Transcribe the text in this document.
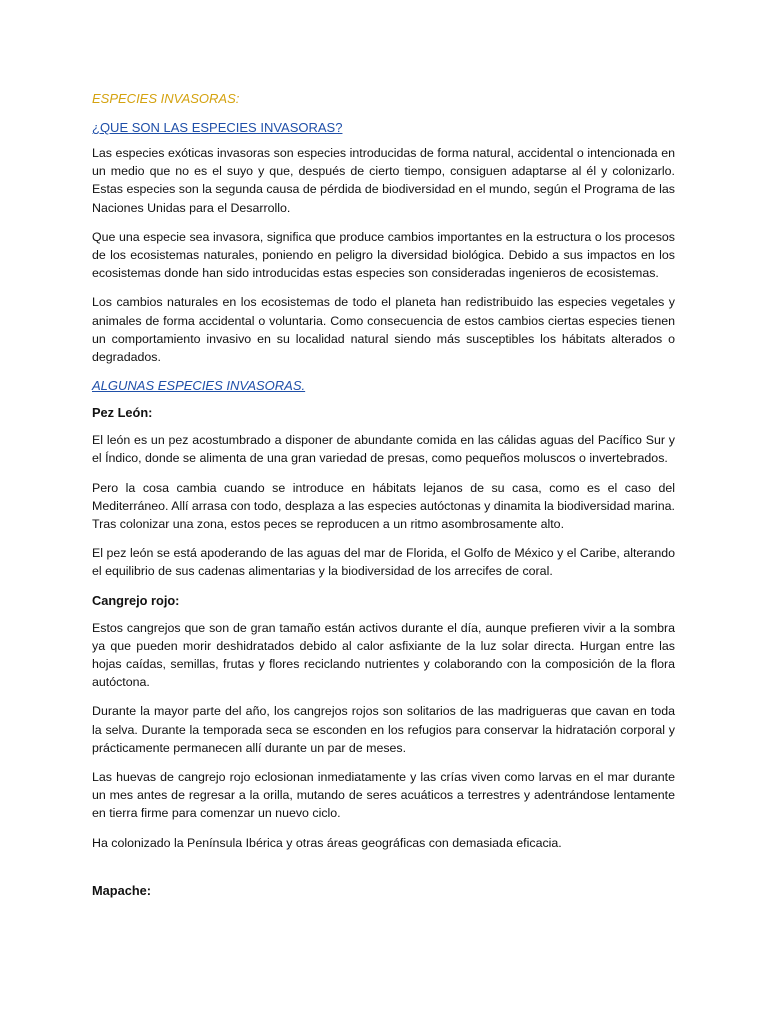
ESPECIES INVASORAS:

¿QUE SON LAS ESPECIES INVASORAS?

Las especies exóticas invasoras son especies introducidas de forma natural, accidental o intencionada en un medio que no es el suyo y que, después de cierto tiempo, consiguen adaptarse al él y colonizarlo. Estas especies son la segunda causa de pérdida de biodiversidad en el mundo, según el Programa de las Naciones Unidas para el Desarrollo.

Que una especie sea invasora, significa que produce cambios importantes en la estructura o los procesos de los ecosistemas naturales, poniendo en peligro la diversidad biológica. Debido a sus impactos en los ecosistemas donde han sido introducidas estas especies son consideradas ingenieros de ecosistemas.

Los cambios naturales en los ecosistemas de todo el planeta han redistribuido las especies vegetales y animales de forma accidental o voluntaria. Como consecuencia de estos cambios ciertas especies tienen un comportamiento invasivo en su localidad natural siendo más susceptibles los hábitats alterados o degradados.

ALGUNAS ESPECIES INVASORAS.

Pez León:

El león es un pez acostumbrado a disponer de abundante comida en las cálidas aguas del Pacífico Sur y el Índico, donde se alimenta de una gran variedad de presas, como pequeños moluscos o invertebrados.

Pero la cosa cambia cuando se introduce en hábitats lejanos de su casa, como es el caso del Mediterráneo. Allí arrasa con todo, desplaza a las especies autóctonas y dinamita la biodiversidad marina. Tras colonizar una zona, estos peces se reproducen a un ritmo asombrosamente alto.

El pez león se está apoderando de las aguas del mar de Florida, el Golfo de México y el Caribe, alterando el equilibrio de sus cadenas alimentarias y la biodiversidad de los arrecifes de coral.

Cangrejo rojo:

Estos cangrejos que son de gran tamaño están activos durante el día, aunque prefieren vivir a la sombra ya que pueden morir deshidratados debido al calor asfixiante de la luz solar directa. Hurgan entre las hojas caídas, semillas, frutas y flores reciclando nutrientes y colaborando con la composición de la flora autóctona.

Durante la mayor parte del año, los cangrejos rojos son solitarios de las madrigueras que cavan en toda la selva. Durante la temporada seca se esconden en los refugios para conservar la hidratación corporal y prácticamente permanecen allí durante un par de meses.

Las huevas de cangrejo rojo eclosionan inmediatamente y las crías viven como larvas en el mar durante un mes antes de regresar a la orilla, mutando de seres acuáticos a terrestres y adentrándose lentamente en tierra firme para comenzar un nuevo ciclo.

Ha colonizado la Península Ibérica y otras áreas geográficas con demasiada eficacia.

Mapache:
